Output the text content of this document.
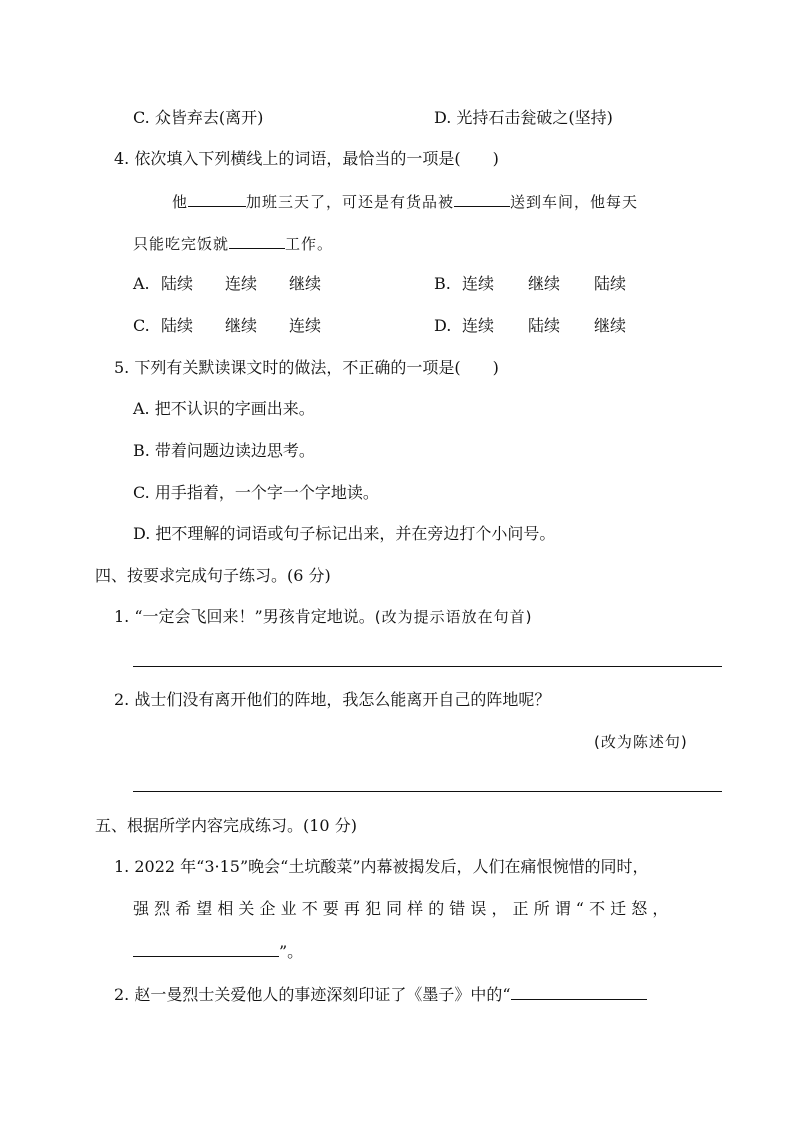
C. 众皆弃去(离开)	D. 光持石击瓮破之(坚持)
4. 依次填入下列横线上的词语，最恰当的一项是(　　)
他	加班三天了，可还是有货品被	送到车间，他每天
只能吃完饭就	工作。
A. 陆续 连续 继续	B. 连续 继续 陆续
C. 陆续 继续 连续	D. 连续 陆续 继续
5. 下列有关默读课文时的做法，不正确的一项是(　　)
A. 把不认识的字画出来。
B. 带着问题边读边思考。
C. 用手指着，一个字一个字地读。
D. 把不理解的词语或句子标记出来，并在旁边打个小问号。
四、按要求完成句子练习。(6 分)
1. “一定会飞回来！”男孩肯定地说。(改为提示语放在句首)
2. 战士们没有离开他们的阵地，我怎么能离开自己的阵地呢？
(改为陈述句)
五、根据所学内容完成练习。(10 分)
1. 2022 年“3·15”晚会“土坑酸菜”内幕被揭发后，人们在痛恨惋惜的同时，
强 烈 希 望 相 关 企 业 不 要 再 犯 同 样 的 错 误 ， 正 所 谓 “ 不 迁 怒 ，
”。
2. 赵一曼烈士关爱他人的事迹深刻印证了《墨子》中的“
